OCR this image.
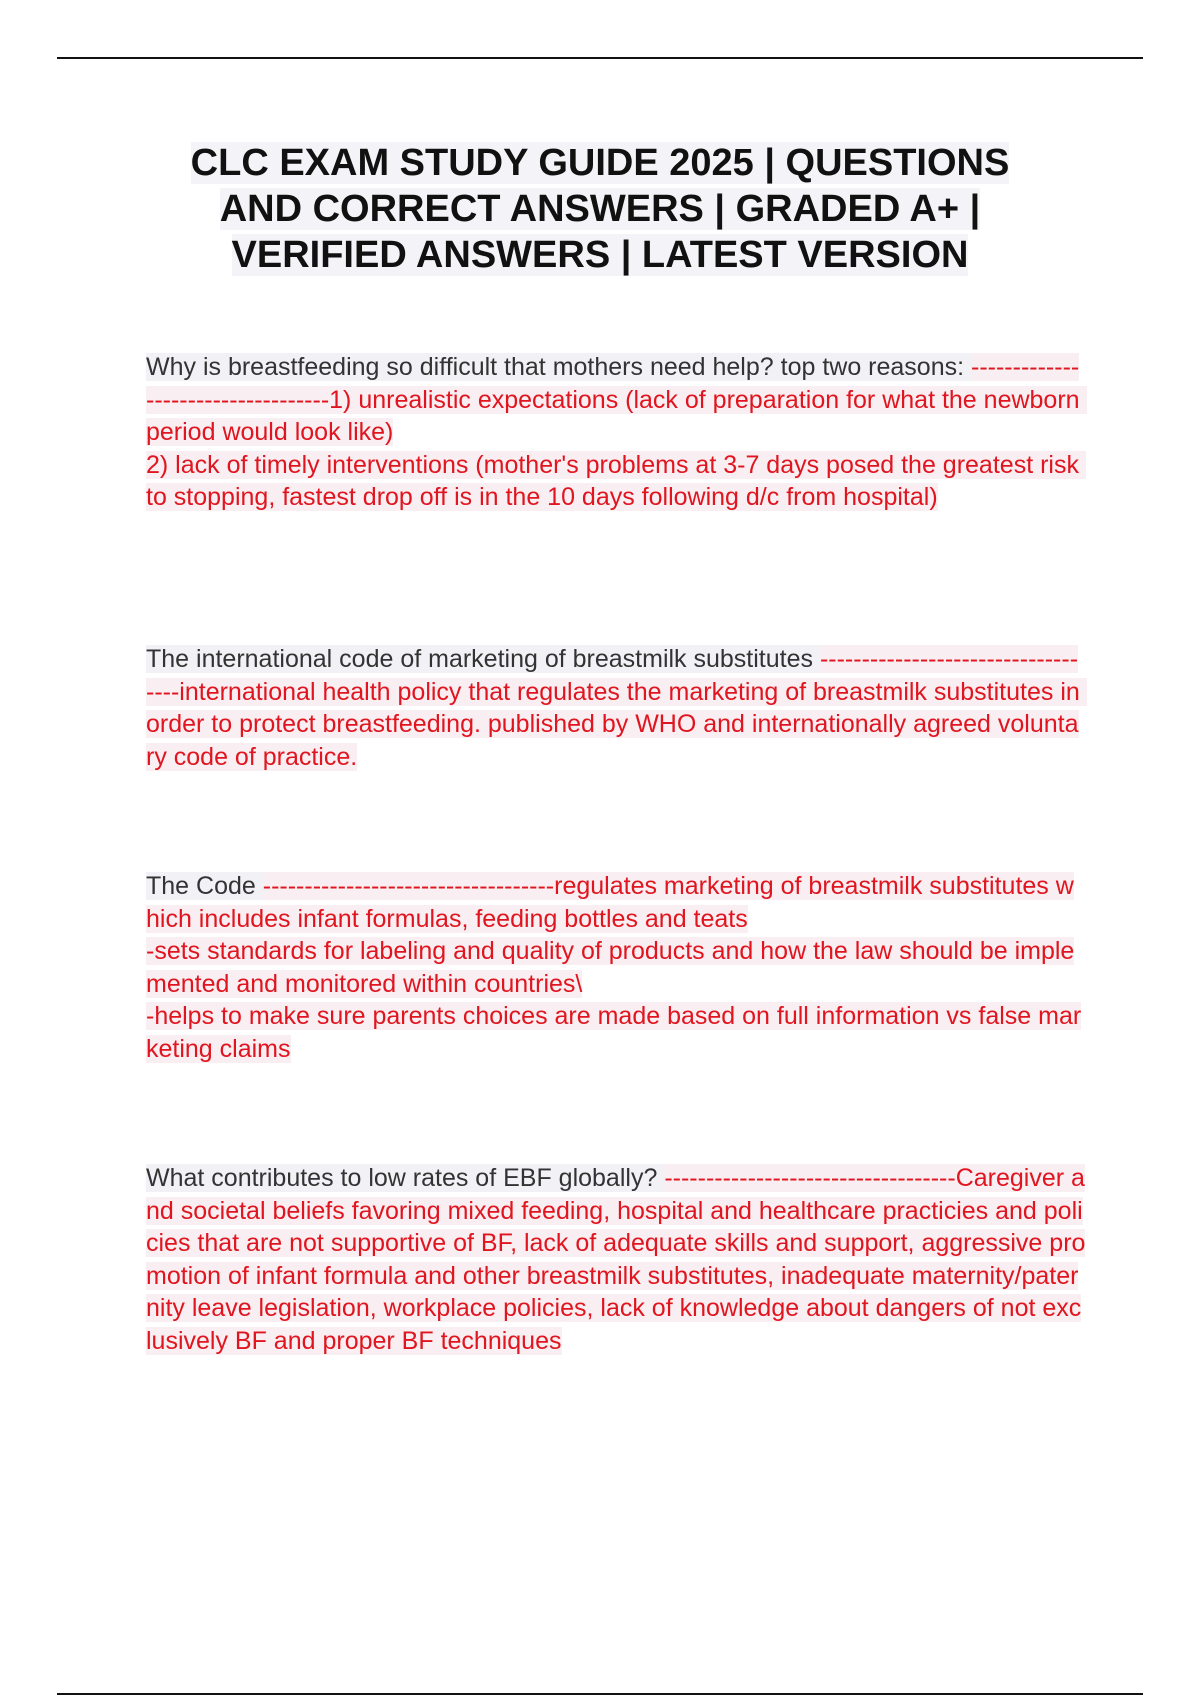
CLC EXAM STUDY GUIDE 2025 | QUESTIONS AND CORRECT ANSWERS | GRADED A+ | VERIFIED ANSWERS | LATEST VERSION

Why is breastfeeding so difficult that mothers need help? top two reasons: -----------------------------------1) unrealistic expectations (lack of preparation for what the newborn period would look like)
2) lack of timely interventions (mother's problems at 3-7 days posed the greatest risk to stopping, fastest drop off is in the 10 days following d/c from hospital)

The international code of marketing of breastmilk substitutes -----------------------------------international health policy that regulates the marketing of breastmilk substitutes in order to protect breastfeeding. published by WHO and internationally agreed voluntary code of practice.

The Code -----------------------------------regulates marketing of breastmilk substitutes which includes infant formulas, feeding bottles and teats
-sets standards for labeling and quality of products and how the law should be implemented and monitored within countries\
-helps to make sure parents choices are made based on full information vs false marketing claims

What contributes to low rates of EBF globally? -----------------------------------Caregiver and societal beliefs favoring mixed feeding, hospital and healthcare practicies and policies that are not supportive of BF, lack of adequate skills and support, aggressive promotion of infant formula and other breastmilk substitutes, inadequate maternity/paternity leave legislation, workplace policies, lack of knowledge about dangers of not exclusively BF and proper BF techniques
